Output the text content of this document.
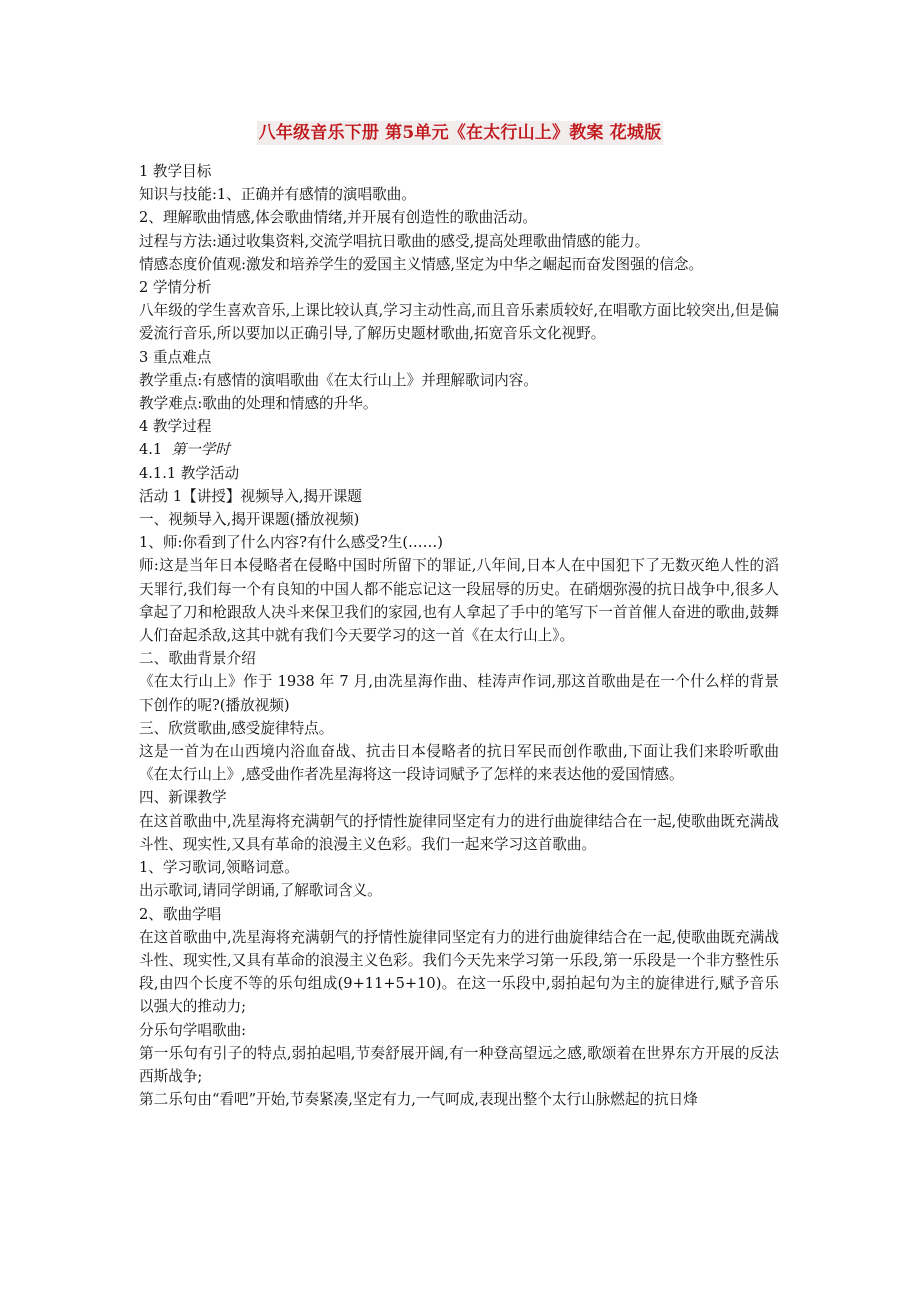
八年级音乐下册 第5单元《在太行山上》教案 花城版

1 教学目标

知识与技能:1、正确并有感情的演唱歌曲。

2、理解歌曲情感,体会歌曲情绪,并开展有创造性的歌曲活动。

过程与方法:通过收集资料,交流学唱抗日歌曲的感受,提高处理歌曲情感的能力。

情感态度价值观:激发和培养学生的爱国主义情感,坚定为中华之崛起而奋发图强的信念。

2 学情分析

八年级的学生喜欢音乐,上课比较认真,学习主动性高,而且音乐素质较好,在唱歌方面比较突出,但是偏爱流行音乐,所以要加以正确引导,了解历史题材歌曲,拓宽音乐文化视野。

3 重点难点

教学重点:有感情的演唱歌曲《在太行山上》并理解歌词内容。

教学难点:歌曲的处理和情感的升华。

4 教学过程

4.1 第一学时

4.1.1 教学活动

活动 1【讲授】视频导入,揭开课题

一、视频导入,揭开课题(播放视频)

1、师:你看到了什么内容?有什么感受?生(……)

师:这是当年日本侵略者在侵略中国时所留下的罪证,八年间,日本人在中国犯下了无数灭绝人性的滔天罪行,我们每一个有良知的中国人都不能忘记这一段屈辱的历史。在硝烟弥漫的抗日战争中,很多人拿起了刀和枪跟敌人决斗来保卫我们的家园,也有人拿起了手中的笔写下一首首催人奋进的歌曲,鼓舞人们奋起杀敌,这其中就有我们今天要学习的这一首《在太行山上》。

二、歌曲背景介绍

《在太行山上》作于 1938 年 7 月,由冼星海作曲、桂涛声作词,那这首歌曲是在一个什么样的背景下创作的呢?(播放视频)

三、欣赏歌曲,感受旋律特点。

这是一首为在山西境内浴血奋战、抗击日本侵略者的抗日军民而创作歌曲,下面让我们来聆听歌曲《在太行山上》,感受曲作者冼星海将这一段诗词赋予了怎样的来表达他的爱国情感。

四、新课教学

在这首歌曲中,冼星海将充满朝气的抒情性旋律同坚定有力的进行曲旋律结合在一起,使歌曲既充满战斗性、现实性,又具有革命的浪漫主义色彩。我们一起来学习这首歌曲。

1、学习歌词,领略词意。

出示歌词,请同学朗诵,了解歌词含义。

2、歌曲学唱

在这首歌曲中,冼星海将充满朝气的抒情性旋律同坚定有力的进行曲旋律结合在一起,使歌曲既充满战斗性、现实性,又具有革命的浪漫主义色彩。我们今天先来学习第一乐段,第一乐段是一个非方整性乐段,由四个长度不等的乐句组成(9+11+5+10)。在这一乐段中,弱拍起句为主的旋律进行,赋予音乐以强大的推动力;

分乐句学唱歌曲:

第一乐句有引子的特点,弱拍起唱,节奏舒展开阔,有一种登高望远之感,歌颂着在世界东方开展的反法西斯战争;

第二乐句由“看吧”开始,节奏紧凑,坚定有力,一气呵成,表现出整个太行山脉燃起的抗日烽
